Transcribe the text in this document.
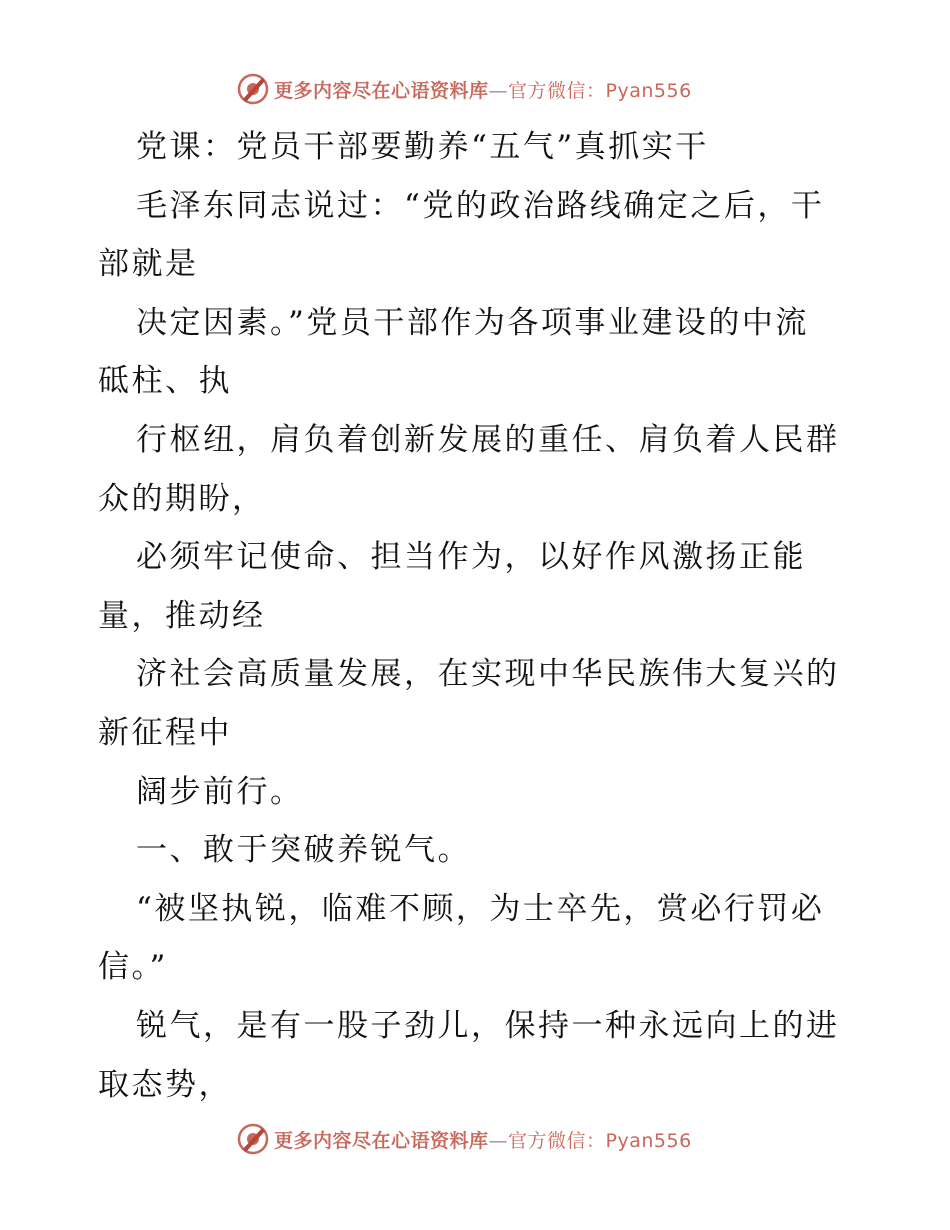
更多内容尽在心语资料库—官方微信：Pyan556
党课：党员干部要勤养“五气”真抓实干
毛泽东同志说过：“党的政治路线确定之后，干
部就是
决定因素。”党员干部作为各项事业建设的中流
砥柱、执
行枢纽，肩负着创新发展的重任、肩负着人民群
众的期盼，
必须牢记使命、担当作为，以好作风激扬正能
量，推动经
济社会高质量发展，在实现中华民族伟大复兴的
新征程中
阔步前行。
一、敢于突破养锐气。
“被坚执锐，临难不顾，为士卒先，赏必行罚必
信。”
锐气，是有一股子劲儿，保持一种永远向上的进
取态势，
更多内容尽在心语资料库—官方微信：Pyan556
